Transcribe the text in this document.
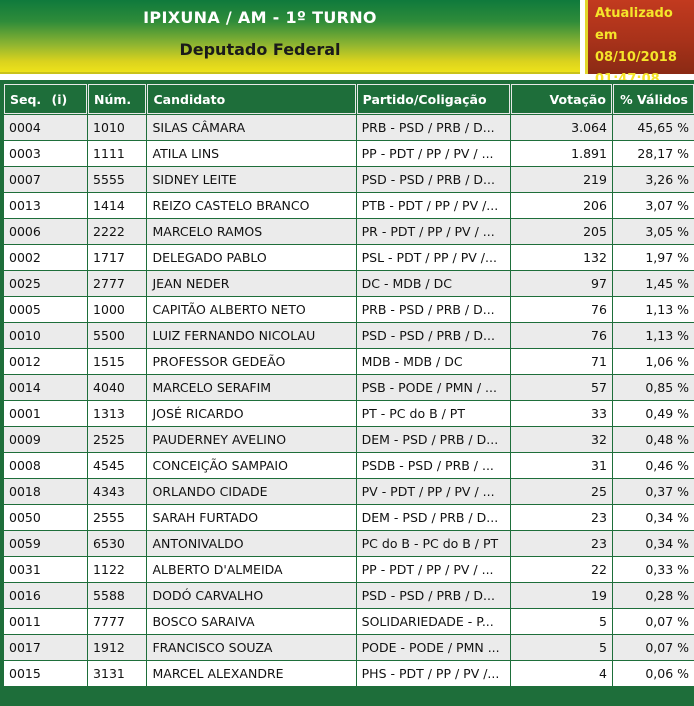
IPIXUNA / AM - 1º TURNO
Deputado Federal
Atualizado em
08/10/2018
Seq. (i)	Núm.	Candidato	Partido/Coligação	Votação	% Válidos
0004	1010	SILAS CÂMARA	PRB - PSD / PRB / D...	3.064	45,65 %
0003	1111	ATILA LINS	PP - PDT / PP / PV / ...	1.891	28,17 %
0007	5555	SIDNEY LEITE	PSD - PSD / PRB / D...	219	3,26 %
0013	1414	REIZO CASTELO BRANCO	PTB - PDT / PP / PV /...	206	3,07 %
0006	2222	MARCELO RAMOS	PR - PDT / PP / PV / ...	205	3,05 %
0002	1717	DELEGADO PABLO	PSL - PDT / PP / PV /...	132	1,97 %
0025	2777	JEAN NEDER	DC - MDB / DC	97	1,45 %
0005	1000	CAPITÃO ALBERTO NETO	PRB - PSD / PRB / D...	76	1,13 %
0010	5500	LUIZ FERNANDO NICOLAU	PSD - PSD / PRB / D...	76	1,13 %
0012	1515	PROFESSOR GEDEÃO	MDB - MDB / DC	71	1,06 %
0014	4040	MARCELO SERAFIM	PSB - PODE / PMN / ...	57	0,85 %
0001	1313	JOSÉ RICARDO	PT - PC do B / PT	33	0,49 %
0009	2525	PAUDERNEY AVELINO	DEM - PSD / PRB / D...	32	0,48 %
0008	4545	CONCEIÇÃO SAMPAIO	PSDB - PSD / PRB / ...	31	0,46 %
0018	4343	ORLANDO CIDADE	PV - PDT / PP / PV / ...	25	0,37 %
0050	2555	SARAH FURTADO	DEM - PSD / PRB / D...	23	0,34 %
0059	6530	ANTONIVALDO	PC do B - PC do B / PT	23	0,34 %
0031	1122	ALBERTO D'ALMEIDA	PP - PDT / PP / PV / ...	22	0,33 %
0016	5588	DODÓ CARVALHO	PSD - PSD / PRB / D...	19	0,28 %
0011	7777	BOSCO SARAIVA	SOLIDARIEDADE - P...	5	0,07 %
0017	1912	FRANCISCO SOUZA	PODE - PODE / PMN ...	5	0,07 %
0015	3131	MARCEL ALEXANDRE	PHS - PDT / PP / PV /...	4	0,06 %
